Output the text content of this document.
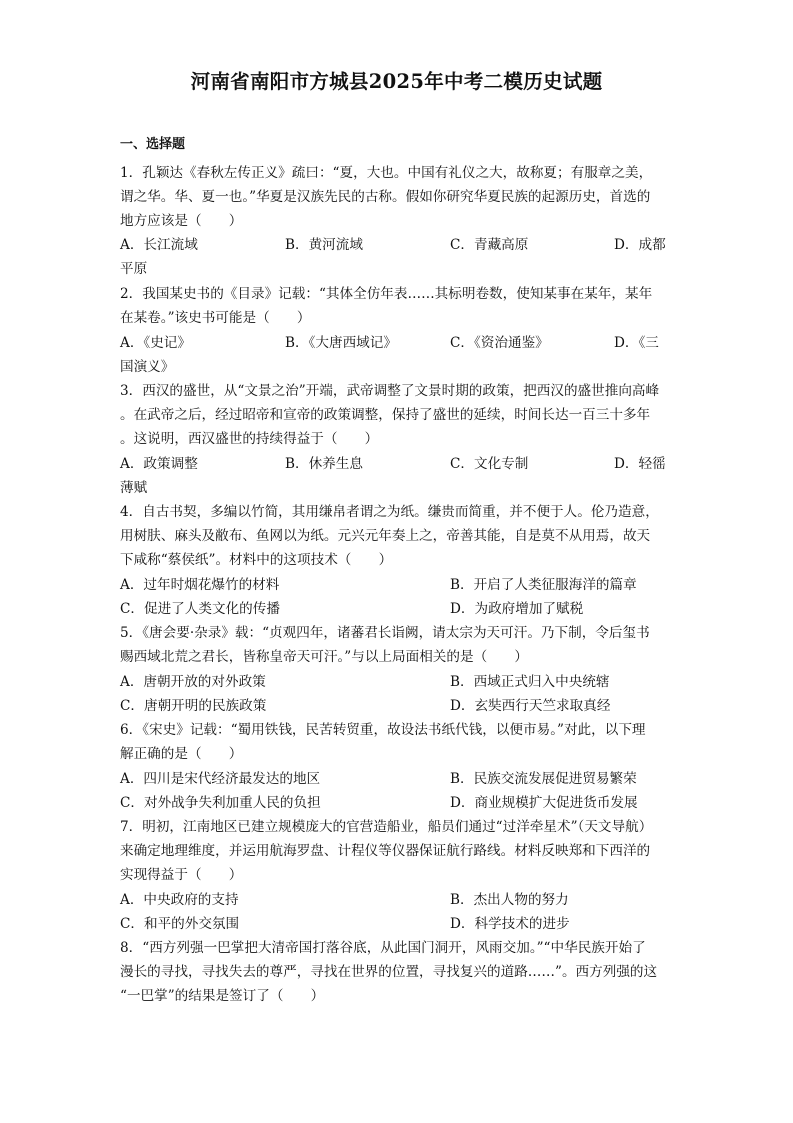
河南省南阳市方城县2025年中考二模历史试题
一、选择题
1．孔颖达《春秋左传正义》疏曰：“夏，大也。中国有礼仪之大，故称夏；有服章之美，
谓之华。华、夏一也。”华夏是汉族先民的古称。假如你研究华夏民族的起源历史，首选的
地方应该是（　　）
A．长江流域	B．黄河流域	C．青藏高原	D．成都
平原
2．我国某史书的《目录》记载：“其体全仿年表……其标明卷数，使知某事在某年，某年
在某卷。”该史书可能是（　　）
A．《史记》	B．《大唐西域记》	C．《资治通鉴》	D．《三
国演义》
3．西汉的盛世，从“文景之治”开端，武帝调整了文景时期的政策，把西汉的盛世推向高峰
。在武帝之后，经过昭帝和宣帝的政策调整，保持了盛世的延续，时间长达一百三十多年
。这说明，西汉盛世的持续得益于（　　）
A．政策调整	B．休养生息	C．文化专制	D．轻徭
薄赋
4．自古书契，多编以竹简，其用缣帛者谓之为纸。缣贵而简重，并不便于人。伦乃造意，
用树肤、麻头及敝布、鱼网以为纸。元兴元年奏上之，帝善其能，自是莫不从用焉，故天
下咸称“蔡侯纸”。材料中的这项技术（　　）
A．过年时烟花爆竹的材料	B．开启了人类征服海洋的篇章
C．促进了人类文化的传播	D．为政府增加了赋税
5．《唐会要·杂录》载：“贞观四年，诸蕃君长诣阙，请太宗为天可汗。乃下制，令后玺书
赐西域北荒之君长，皆称皇帝天可汗。”与以上局面相关的是（　　）
A．唐朝开放的对外政策	B．西域正式归入中央统辖
C．唐朝开明的民族政策	D．玄奘西行天竺求取真经
6．《宋史》记载：“蜀用铁钱，民苦转贸重，故设法书纸代钱，以便市易。”对此，以下理
解正确的是（　　）
A．四川是宋代经济最发达的地区	B．民族交流发展促进贸易繁荣
C．对外战争失利加重人民的负担	D．商业规模扩大促进货币发展
7．明初，江南地区已建立规模庞大的官营造船业，船员们通过“过洋牵星术”（天文导航）
来确定地理维度，并运用航海罗盘、计程仪等仪器保证航行路线。材料反映郑和下西洋的
实现得益于（　　）
A．中央政府的支持	B．杰出人物的努力
C．和平的外交氛围	D．科学技术的进步
8．“西方列强一巴掌把大清帝国打落谷底，从此国门洞开，风雨交加。”“中华民族开始了
漫长的寻找，寻找失去的尊严，寻找在世界的位置，寻找复兴的道路……”。西方列强的这
“一巴掌”的结果是签订了（　　）
